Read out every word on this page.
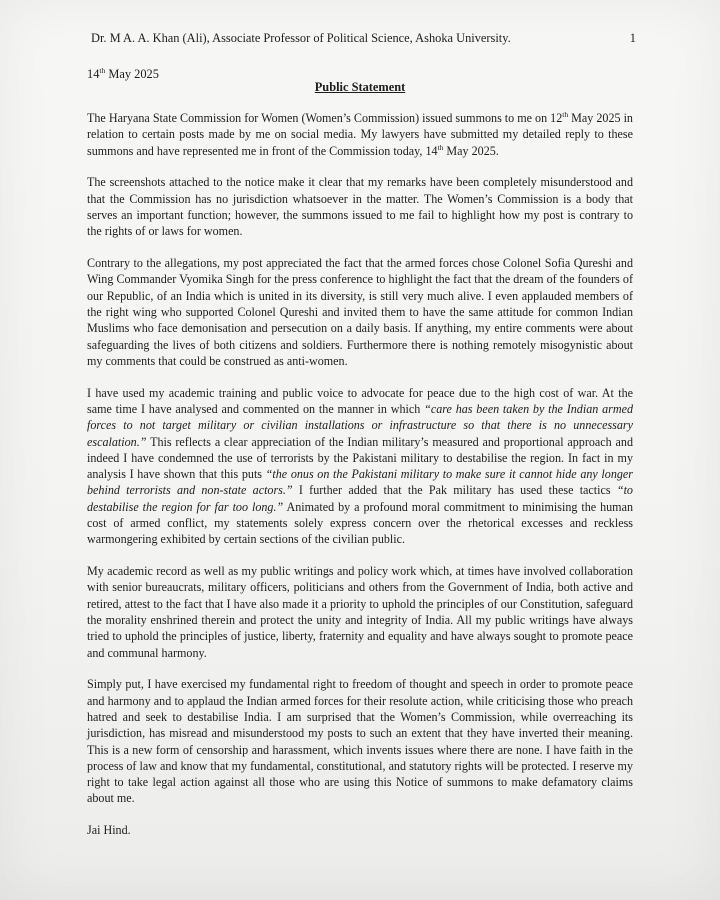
Dr. M A. A. Khan (Ali), Associate Professor of Political Science, Ashoka University.	1
14th May 2025
Public Statement

The Haryana State Commission for Women (Women’s Commission) issued summons to me on 12th May 2025 in relation to certain posts made by me on social media. My lawyers have submitted my detailed reply to these summons and have represented me in front of the Commission today, 14th May 2025.

The screenshots attached to the notice make it clear that my remarks have been completely misunderstood and that the Commission has no jurisdiction whatsoever in the matter. The Women’s Commission is a body that serves an important function; however, the summons issued to me fail to highlight how my post is contrary to the rights of or laws for women.

Contrary to the allegations, my post appreciated the fact that the armed forces chose Colonel Sofia Qureshi and Wing Commander Vyomika Singh for the press conference to highlight the fact that the dream of the founders of our Republic, of an India which is united in its diversity, is still very much alive. I even applauded members of the right wing who supported Colonel Qureshi and invited them to have the same attitude for common Indian Muslims who face demonisation and persecution on a daily basis. If anything, my entire comments were about safeguarding the lives of both citizens and soldiers. Furthermore there is nothing remotely misogynistic about my comments that could be construed as anti-women.

I have used my academic training and public voice to advocate for peace due to the high cost of war. At the same time I have analysed and commented on the manner in which “care has been taken by the Indian armed forces to not target military or civilian installations or infrastructure so that there is no unnecessary escalation.” This reflects a clear appreciation of the Indian military’s measured and proportional approach and indeed I have condemned the use of terrorists by the Pakistani military to destabilise the region. In fact in my analysis I have shown that this puts “the onus on the Pakistani military to make sure it cannot hide any longer behind terrorists and non-state actors.” I further added that the Pak military has used these tactics “to destabilise the region for far too long.” Animated by a profound moral commitment to minimising the human cost of armed conflict, my statements solely express concern over the rhetorical excesses and reckless warmongering exhibited by certain sections of the civilian public.

My academic record as well as my public writings and policy work which, at times have involved collaboration with senior bureaucrats, military officers, politicians and others from the Government of India, both active and retired, attest to the fact that I have also made it a priority to uphold the principles of our Constitution, safeguard the morality enshrined therein and protect the unity and integrity of India. All my public writings have always tried to uphold the principles of justice, liberty, fraternity and equality and have always sought to promote peace and communal harmony.

Simply put, I have exercised my fundamental right to freedom of thought and speech in order to promote peace and harmony and to applaud the Indian armed forces for their resolute action, while criticising those who preach hatred and seek to destabilise India. I am surprised that the Women’s Commission, while overreaching its jurisdiction, has misread and misunderstood my posts to such an extent that they have inverted their meaning. This is a new form of censorship and harassment, which invents issues where there are none. I have faith in the process of law and know that my fundamental, constitutional, and statutory rights will be protected. I reserve my right to take legal action against all those who are using this Notice of summons to make defamatory claims about me.

Jai Hind.
